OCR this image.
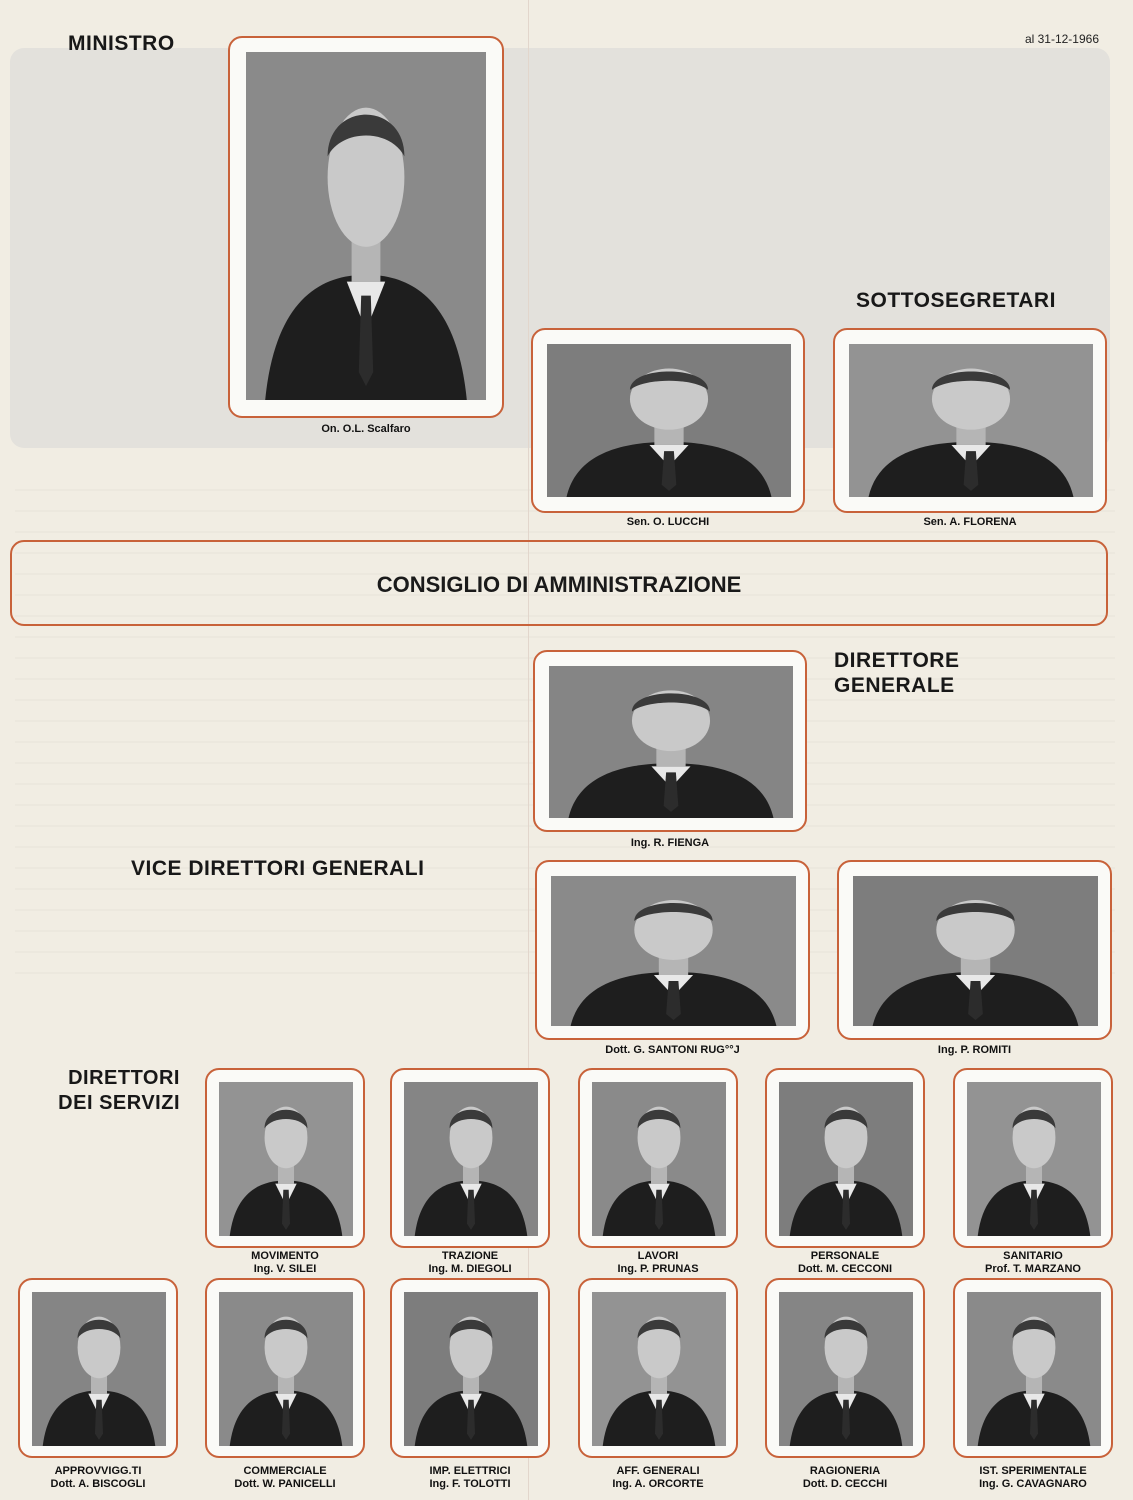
al 31-12-1966
MINISTRO
SOTTOSEGRETARI
DIRETTORE
GENERALE
VICE DIRETTORI GENERALI
DIRETTORI
DEI SERVIZI
CONSIGLIO DI AMMINISTRAZIONE
On. O.L. Scalfaro
Sen. O. LUCCHI	Sen. A. FLORENA
Ing. R. FIENGA
Dott. G. SANTONI RUG°°J	Ing. P. ROMITI
MOVIMENTO
Ing. V. SILEI
TRAZIONE
Ing. M. DIEGOLI
LAVORI
Ing. P. PRUNAS
PERSONALE
Dott. M. CECCONI
SANITARIO
Prof. T. MARZANO
APPROVVIGG.TI
Dott. A. BISCOGLI
COMMERCIALE
Dott. W. PANICELLI
IMP. ELETTRICI
Ing. F. TOLOTTI
AFF. GENERALI
Ing. A. ORCORTE
RAGIONERIA
Dott. D. CECCHI
IST. SPERIMENTALE
Ing. G. CAVAGNARO
